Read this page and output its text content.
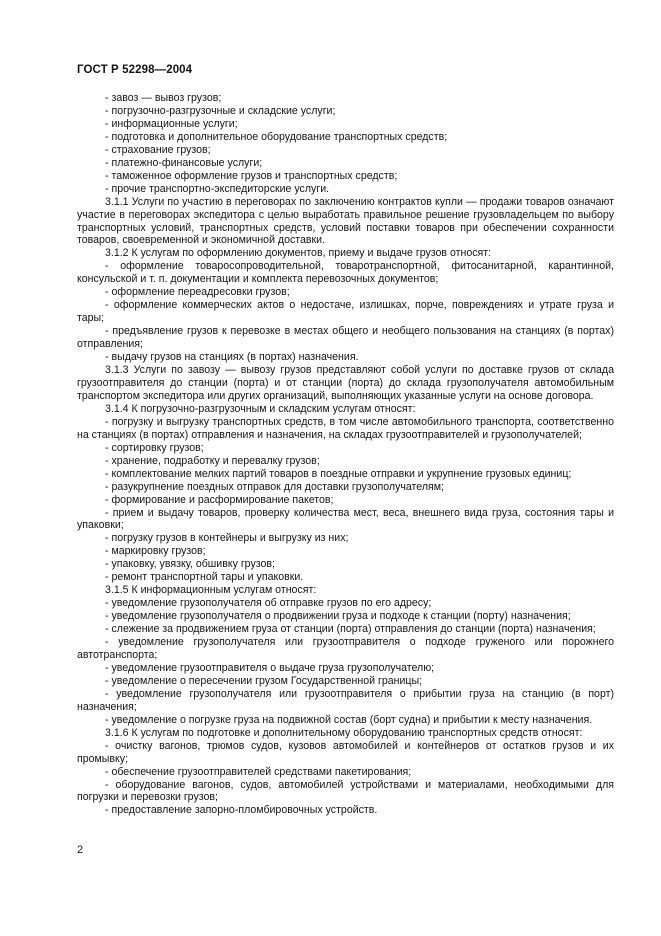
ГОСТ Р 52298—2004

- завоз — вывоз грузов;

- погрузочно-разгрузочные и складские услуги;

- информационные услуги;

- подготовка и дополнительное оборудование транспортных средств;

- страхование грузов;

- платежно-финансовые услуги;

- таможенное оформление грузов и транспортных средств;

- прочие транспортно-экспедиторские услуги.

3.1.1 Услуги по участию в переговорах по заключению контрактов купли — продажи товаров означают участие в переговорах экспедитора с целью выработать правильное решение грузовладельцем по выбору транспортных условий, транспортных средств, условий поставки товаров при обеспечении сохранности товаров, своевременной и экономичной доставки.

3.1.2 К услугам по оформлению документов, приему и выдаче грузов относят:

- оформление товаросопроводительной, товаротранспортной, фитосанитарной, карантинной, консульской и т. п. документации и комплекта перевозочных документов;

- оформление переадресовки грузов;

- оформление коммерческих актов о недостаче, излишках, порче, повреждениях и утрате груза и тары;

- предъявление грузов к перевозке в местах общего и необщего пользования на станциях (в портах) отправления;

- выдачу грузов на станциях (в портах) назначения.

3.1.3 Услуги по завозу — вывозу грузов представляют собой услуги по доставке грузов от склада грузоотправителя до станции (порта) и от станции (порта) до склада грузополучателя автомобильным транспортом экспедитора или других организаций, выполняющих указанные услуги на основе договора.

3.1.4 К погрузочно-разгрузочным и складским услугам относят:

- погрузку и выгрузку транспортных средств, в том числе автомобильного транспорта, соответственно на станциях (в портах) отправления и назначения, на складах грузоотправителей и грузополучателей;

- сортировку грузов;

- хранение, подработку и перевалку грузов;

- комплектование мелких партий товаров в поездные отправки и укрупнение грузовых единиц;

- разукрупнение поездных отправок для доставки грузополучателям;

- формирование и расформирование пакетов;

- прием и выдачу товаров, проверку количества мест, веса, внешнего вида груза, состояния тары и упаковки;

- погрузку грузов в контейнеры и выгрузку из них;

- маркировку грузов;

- упаковку, увязку, обшивку грузов;

- ремонт транспортной тары и упаковки.

3.1.5 К информационным услугам относят:

- уведомление грузополучателя об отправке грузов по его адресу;

- уведомление грузополучателя о продвижении груза и подходе к станции (порту) назначения;

- слежение за продвижением груза от станции (порта) отправления до станции (порта) назначения;

- уведомление грузополучателя или грузоотправителя о подходе груженого или порожнего автотранспорта;

- уведомление грузоотправителя о выдаче груза грузополучателю;

- уведомление о пересечении грузом Государственной границы;

- уведомление грузополучателя или грузоотправителя о прибытии груза на станцию (в порт) назначения;

- уведомление о погрузке груза на подвижной состав (борт судна) и прибытии к месту назначения.

3.1.6 К услугам по подготовке и дополнительному оборудованию транспортных средств относят:

- очистку вагонов, трюмов судов, кузовов автомобилей и контейнеров от остатков грузов и их промывку;

- обеспечение грузоотправителей средствами пакетирования;

- оборудование вагонов, судов, автомобилей устройствами и материалами, необходимыми для погрузки и перевозки грузов;

- предоставление запорно-пломбировочных устройств.

2
